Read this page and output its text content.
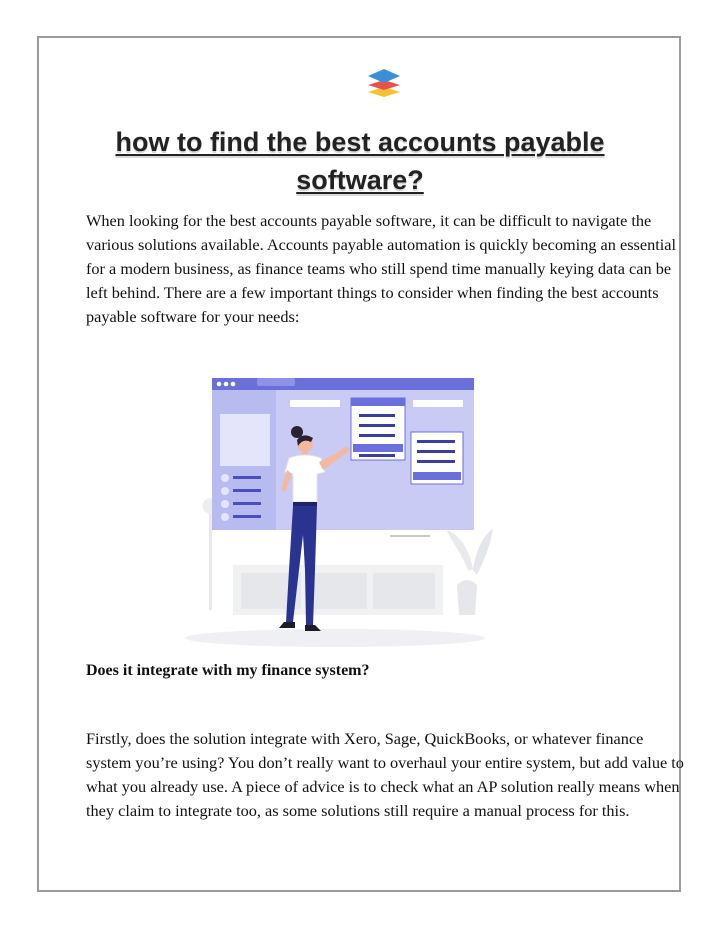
how to find the best accounts payable software?

When looking for the best accounts payable software, it can be difficult to navigate the various solutions available. Accounts payable automation is quickly becoming an essential for a modern business, as finance teams who still spend time manually keying data can be left behind. There are a few important things to consider when finding the best accounts payable software for your needs:

Does it integrate with my finance system?

Firstly, does the solution integrate with Xero, Sage, QuickBooks, or whatever finance system you’re using? You don’t really want to overhaul your entire system, but add value to what you already use. A piece of advice is to check what an AP solution really means when they claim to integrate too, as some solutions still require a manual process for this.
